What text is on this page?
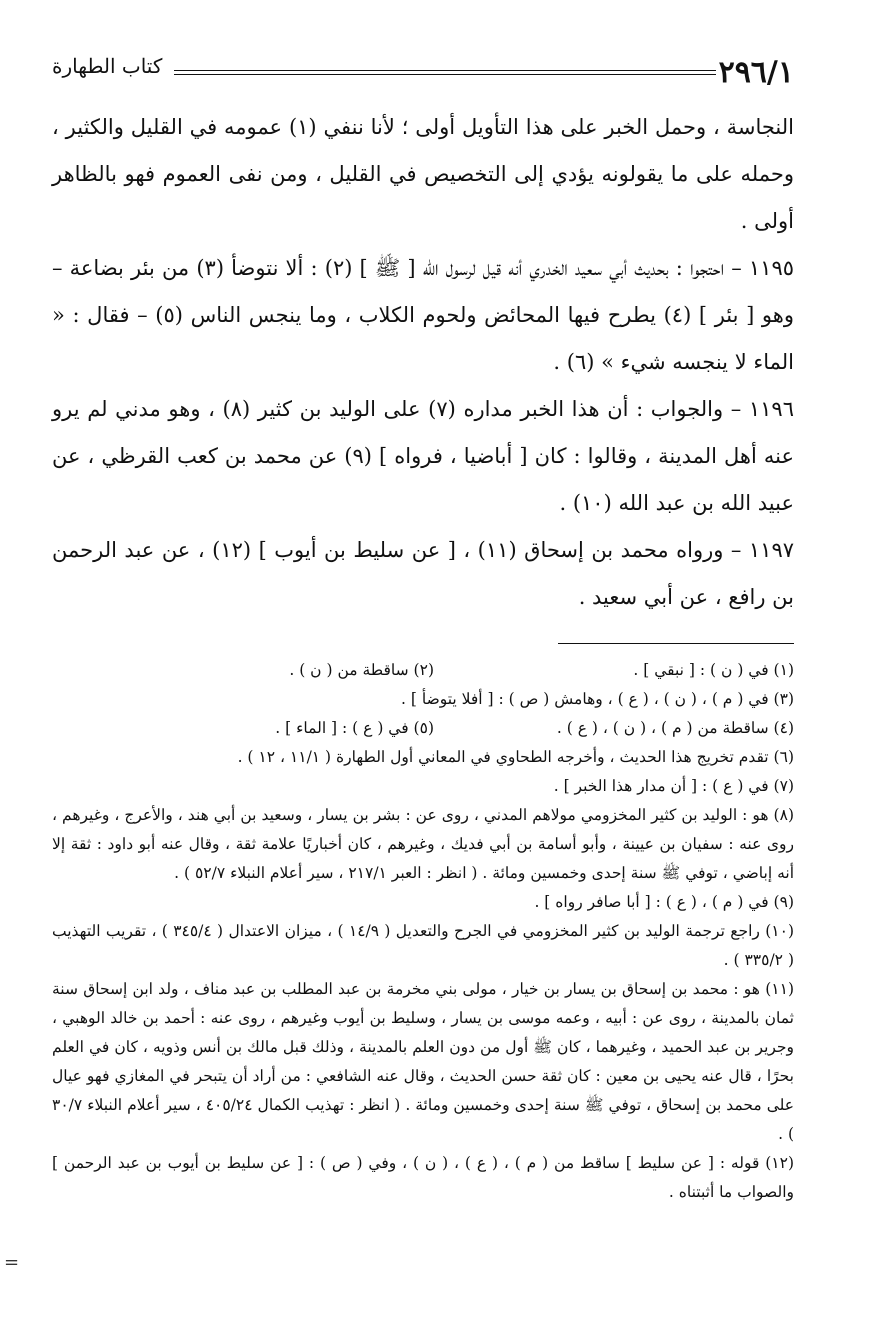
٢٩٦/١
كتاب الطهارة

النجاسة ، وحمل الخبر على هذا التأويل أولى ؛ لأنا ننفي (١) عمومه في القليل والكثير ، وحمله على ما يقولونه يؤدي إلى التخصيص في القليل ، ومن نفى العموم فهو بالظاهر أولى .

١١٩٥ – احتجوا : بحديث أبي سعيد الخدري أنه قيل لرسول الله [ ﷺ ] (٢) : ألا نتوضأ (٣) من بئر بضاعة – وهو [ بئر ] (٤) يطرح فيها المحائض ولحوم الكلاب ، وما ينجس الناس (٥) – فقال : « الماء لا ينجسه شيء » (٦) .

١١٩٦ – والجواب : أن هذا الخبر مداره (٧) على الوليد بن كثير (٨) ، وهو مدني لم يرو عنه أهل المدينة ، وقالوا : كان [ أباضيا ، فرواه ] (٩) عن محمد بن كعب القرظي ، عن عبيد الله بن عبد الله (١٠) .

١١٩٧ – ورواه محمد بن إسحاق (١١) ، [ عن سليط بن أيوب ] (١٢) ، عن عبد الرحمن بن رافع ، عن أبي سعيد .

(١) في ( ن ) : [ نبقي ] .
(٢) ساقطة من ( ن ) .

(٣) في ( م ) ، ( ن ) ، ( ع ) ، وهامش ( ص ) : [ أفلا يتوضأ ] .

(٤) ساقطة من ( م ) ، ( ن ) ، ( ع ) .
(٥) في ( ع ) : [ الماء ] .

(٦) تقدم تخريج هذا الحديث ، وأخرجه الطحاوي في المعاني أول الطهارة ( ١١/١ ، ١٢ ) .

(٧) في ( ع ) : [ أن مدار هذا الخبر ] .

(٨) هو : الوليد بن كثير المخزومي مولاهم المدني ، روى عن : بشر بن يسار ، وسعيد بن أبي هند ، والأعرج ، وغيرهم ، روى عنه : سفيان بن عيينة ، وأبو أسامة بن أبي فديك ، وغيرهم ، كان أخباريًا علامة ثقة ، وقال عنه أبو داود : ثقة إلا أنه إباضي ، توفي ﷺ سنة إحدى وخمسين ومائة . ( انظر : العبر ٢١٧/١ ، سير أعلام النبلاء ٥٢/٧ ) .

(٩) في ( م ) ، ( ع ) : [ أبا صافر رواه ] .

(١٠) راجع ترجمة الوليد بن كثير المخزومي في الجرح والتعديل ( ١٤/٩ ) ، ميزان الاعتدال ( ٣٤٥/٤ ) ، تقريب التهذيب ( ٣٣٥/٢ ) .

(١١) هو : محمد بن إسحاق بن يسار بن خيار ، مولى بني مخرمة بن عبد المطلب بن عبد مناف ، ولد ابن إسحاق سنة ثمان بالمدينة ، روى عن : أبيه ، وعمه موسى بن يسار ، وسليط بن أيوب وغيرهم ، روى عنه : أحمد بن خالد الوهبي ، وجرير بن عبد الحميد ، وغيرهما ، كان ﷺ أول من دون العلم بالمدينة ، وذلك قبل مالك بن أنس وذويه ، كان في العلم بحرًا ، قال عنه يحيى بن معين : كان ثقة حسن الحديث ، وقال عنه الشافعي : من أراد أن يتبحر في المغازي فهو عيال على محمد بن إسحاق ، توفي ﷺ سنة إحدى وخمسين ومائة . ( انظر : تهذيب الكمال ٤٠٥/٢٤ ، سير أعلام النبلاء ٣٠/٧ ) .

(١٢) قوله : [ عن سليط ] ساقط من ( م ) ، ( ع ) ، ( ن ) ، وفي ( ص ) : [ عن سليط بن أيوب بن عبد الرحمن ] والصواب ما أثبتناه .

=
